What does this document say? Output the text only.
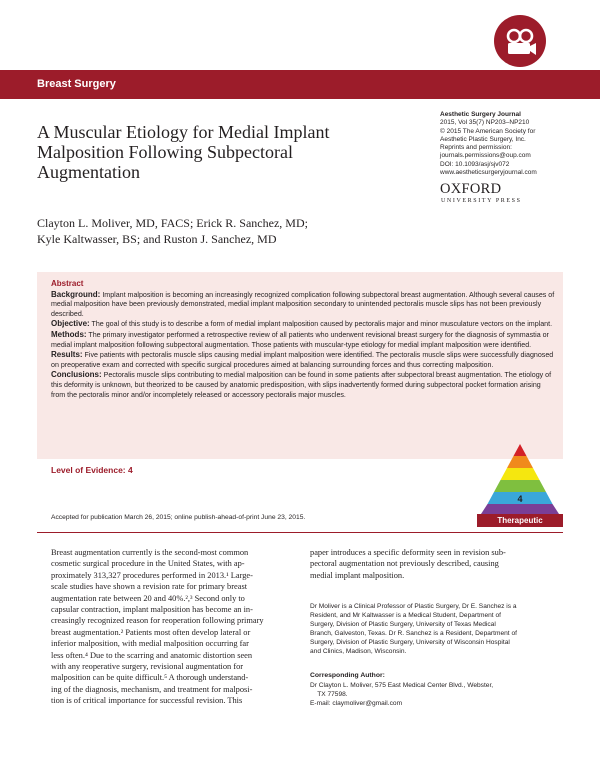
Breast Surgery
A Muscular Etiology for Medial Implant
Malposition Following Subpectoral
Augmentation
Aesthetic Surgery Journal
2015, Vol 35(7) NP203–NP210
© 2015 The American Society for
Aesthetic Plastic Surgery, Inc.
Reprints and permission:
journals.permissions@oup.com
DOI: 10.1093/asj/sjv072
www.aestheticsurgeryjournal.com
OXFORD
UNIVERSITY PRESS
Clayton L. Moliver, MD, FACS; Erick R. Sanchez, MD;
Kyle Kaltwasser, BS; and Ruston J. Sanchez, MD
Abstract

Background: Implant malposition is becoming an increasingly recognized complication following subpectoral breast augmentation. Although several causes of medial malposition have been previously demonstrated, medial implant malposition secondary to unintended pectoralis muscle slips has not been previously described.

Objective: The goal of this study is to describe a form of medial implant malposition caused by pectoralis major and minor musculature vectors on the implant.

Methods: The primary investigator performed a retrospective review of all patients who underwent revisional breast surgery for the diagnosis of symmastia or medial implant malposition following subpectoral augmentation. Those patients with muscular-type etiology for medial implant malposition were identified.

Results: Five patients with pectoralis muscle slips causing medial implant malposition were identified. The pectoralis muscle slips were successfully diagnosed on preoperative exam and corrected with specific surgical procedures aimed at balancing surrounding forces and thus correcting malposition.

Conclusions: Pectoralis muscle slips contributing to medial malposition can be found in some patients after subpectoral breast augmentation. The etiology of this deformity is unknown, but theorized to be caused by anatomic predisposition, with slips inadvertently formed during subpectoral pocket formation arising from the pectoralis minor and/or incompletely released or accessory pectoralis major muscles.

Level of Evidence: 4
4
Therapeutic
Accepted for publication March 26, 2015; online publish-ahead-of-print June 23, 2015.
Breast augmentation currently is the second-most common
cosmetic surgical procedure in the United States, with ap-
proximately 313,327 procedures performed in 2013.¹ Large-
scale studies have shown a revision rate for primary breast
augmentation rate between 20 and 40%.²,³ Second only to
capsular contraction, implant malposition has become an in-
creasingly recognized reason for reoperation following primary
breast augmentation.² Patients most often develop lateral or
inferior malposition, with medial malposition occurring far
less often.⁴ Due to the scarring and anatomic distortion seen
with any reoperative surgery, revisional augmentation for
malposition can be quite difficult.⁵ A thorough understand-
ing of the diagnosis, mechanism, and treatment for malposi-
tion is of critical importance for successful revision. This
paper introduces a specific deformity seen in revision sub-
pectoral augmentation not previously described, causing
medial implant malposition.
Dr Moliver is a Clinical Professor of Plastic Surgery, Dr E. Sanchez is a
Resident, and Mr Kaltwasser is a Medical Student, Department of
Surgery, Division of Plastic Surgery, University of Texas Medical
Branch, Galveston, Texas. Dr R. Sanchez is a Resident, Department of
Surgery, Division of Plastic Surgery, University of Wisconsin Hospital
and Clinics, Madison, Wisconsin.
Corresponding Author:
Dr Clayton L. Moliver, 575 East Medical Center Blvd., Webster,
TX 77598.
E-mail: claymoliver@gmail.com
